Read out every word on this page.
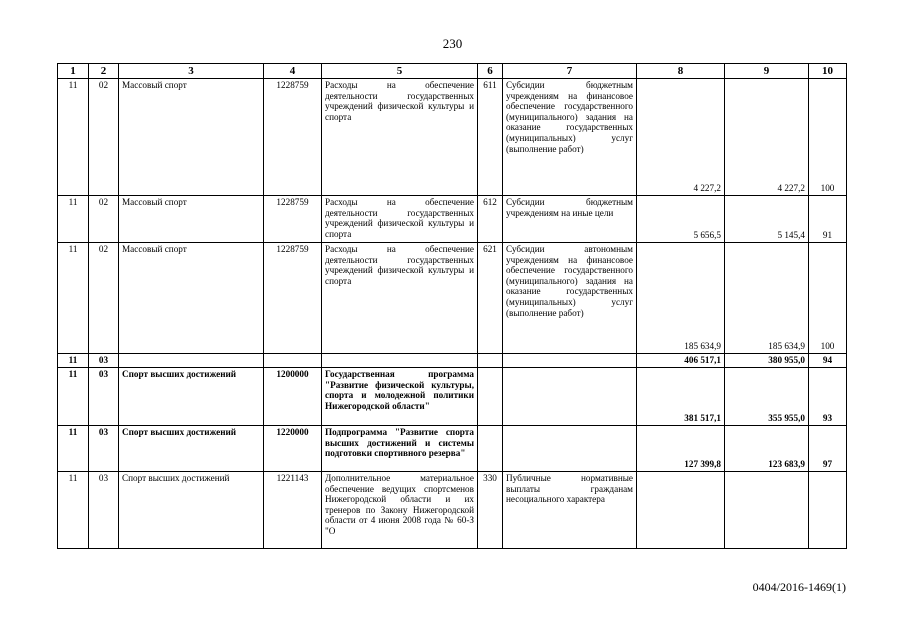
230
1	2	3	4	5	6	7	8	9	10
11	02	Массовый спорт	1228759	Расходы на обеспечение деятельности государственных учреждений физической культуры и спорта	611	Субсидии бюджетным учреждениям на финансовое обеспечение государственного (муниципального) задания на оказание государственных (муниципальных) услуг (выполнение работ)	4 227,2	4 227,2	100
11	02	Массовый спорт	1228759	Расходы на обеспечение деятельности государственных учреждений физической культуры и спорта	612	Субсидии бюджетным учреждениям на иные цели	5 656,5	5 145,4	91
11	02	Массовый спорт	1228759	Расходы на обеспечение деятельности государственных учреждений физической культуры и спорта	621	Субсидии автономным учреждениям на финансовое обеспечение государственного (муниципального) задания на оказание государственных (муниципальных) услуг (выполнение работ)	185 634,9	185 634,9	100
11	03						406 517,1	380 955,0	94
11	03	Спорт высших достижений	1200000	Государственная программа "Развитие физической культуры, спорта и молодежной политики Нижегородской области"			381 517,1	355 955,0	93
11	03	Спорт высших достижений	1220000	Подпрограмма "Развитие спорта высших достижений и системы подготовки спортивного резерва"			127 399,8	123 683,9	97
11	03	Спорт высших достижений	1221143	Дополнительное материальное обеспечение ведущих спортсменов Нижегородской области и их тренеров по Закону Нижегородской области от 4 июня 2008 года № 60-З "О	330	Публичные нормативные выплаты гражданам несоциального характера			
0404/2016-1469(1)
